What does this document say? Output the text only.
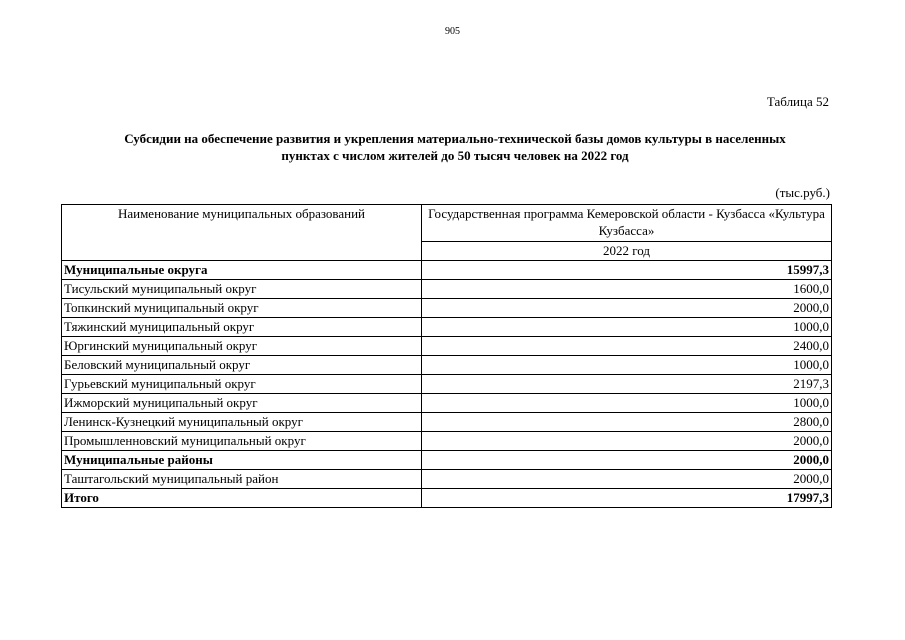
905
Таблица 52
Субсидии на обеспечение развития и укрепления материально-технической базы домов культуры в населенных
пунктах с числом жителей до 50 тысяч человек на 2022 год
(тыс.руб.)
Наименование муниципальных образований	Государственная программа Кемеровской области - Кузбасса «Культура Кузбасса»
	2022 год
Муниципальные округа	15997,3
Тисульский муниципальный округ	1600,0
Топкинский муниципальный округ	2000,0
Тяжинский муниципальный округ	1000,0
Юргинский муниципальный округ	2400,0
Беловский муниципальный округ	1000,0
Гурьевский муниципальный округ	2197,3
Ижморский муниципальный округ	1000,0
Ленинск-Кузнецкий муниципальный округ	2800,0
Промышленновский муниципальный округ	2000,0
Муниципальные районы	2000,0
Таштагольский муниципальный район	2000,0
Итого	17997,3
